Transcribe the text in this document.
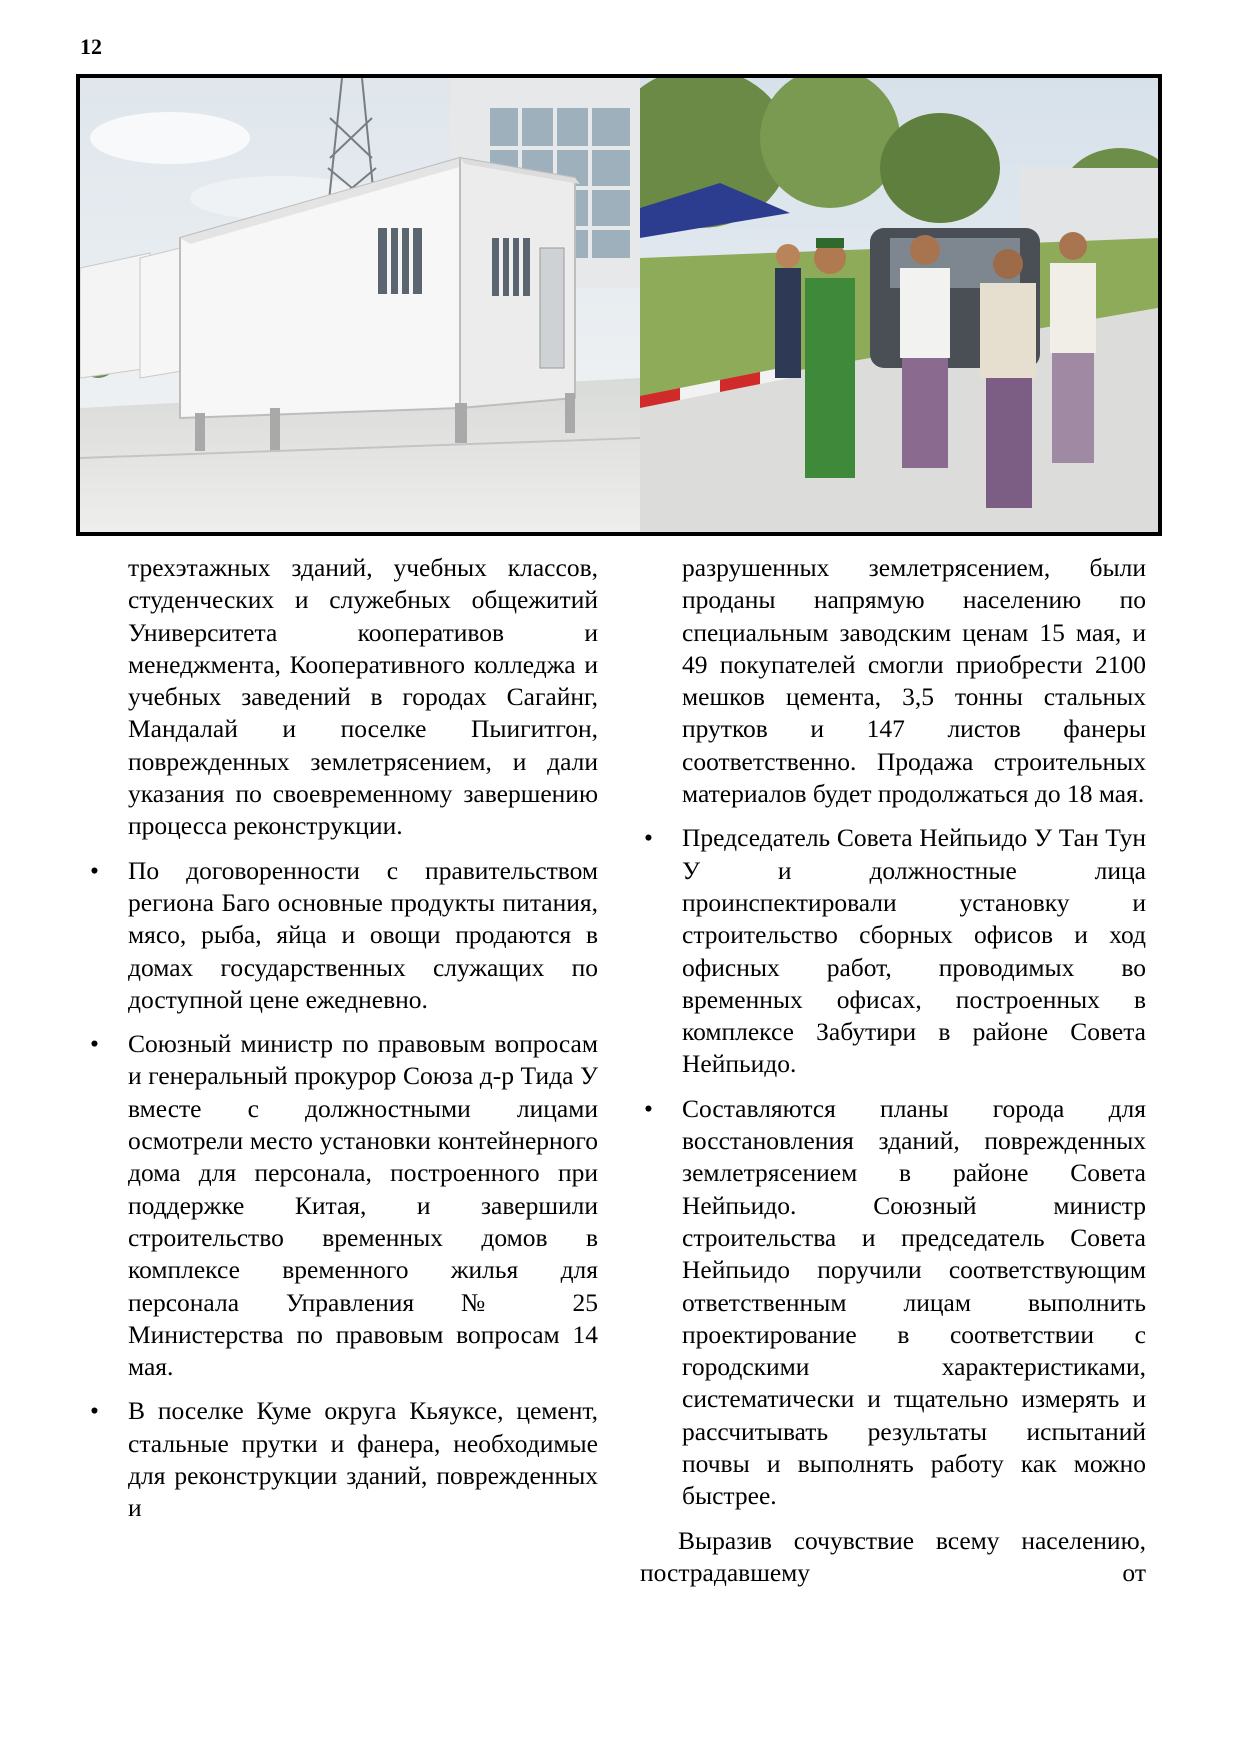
12

трехэтажных зданий, учебных классов, студенческих и служебных общежитий Университета кооперативов и менеджмента, Кооперативного колледжа и учебных заведений в городах Сагайнг, Мандалай и поселке Пыигитгон, поврежденных землетрясением, и дали указания по своевременному завершению процесса реконструкции.

• По договоренности с правительством региона Баго основные продукты питания, мясо, рыба, яйца и овощи продаются в домах государственных служащих по доступной цене ежедневно.

• Союзный министр по правовым вопросам и генеральный прокурор Союза д-р Тида У вместе с должностными лицами осмотрели место установки контейнерного дома для персонала, построенного при поддержке Китая, и завершили строительство временных домов в комплексе временного жилья для персонала Управления № 25 Министерства по правовым вопросам 14 мая.

• В поселке Куме округа Кьяуксе, цемент, стальные прутки и фанера, необходимые для реконструкции зданий, поврежденных и

разрушенных землетрясением, были проданы напрямую населению по специальным заводским ценам 15 мая, и 49 покупателей смогли приобрести 2100 мешков цемента, 3,5 тонны стальных прутков и 147 листов фанеры соответственно. Продажа строительных материалов будет продолжаться до 18 мая.

• Председатель Совета Нейпьидо У Тан Тун У и должностные лица проинспектировали установку и строительство сборных офисов и ход офисных работ, проводимых во временных офисах, построенных в комплексе Забутири в районе Совета Нейпьидо.

• Составляются планы города для восстановления зданий, поврежденных землетрясением в районе Совета Нейпьидо. Союзный министр строительства и председатель Совета Нейпьидо поручили соответствующим ответственным лицам выполнить проектирование в соответствии с городскими характеристиками, систематически и тщательно измерять и рассчитывать результаты испытаний почвы и выполнять работу как можно быстрее.

Выразив сочувствие всему населению, пострадавшему от
